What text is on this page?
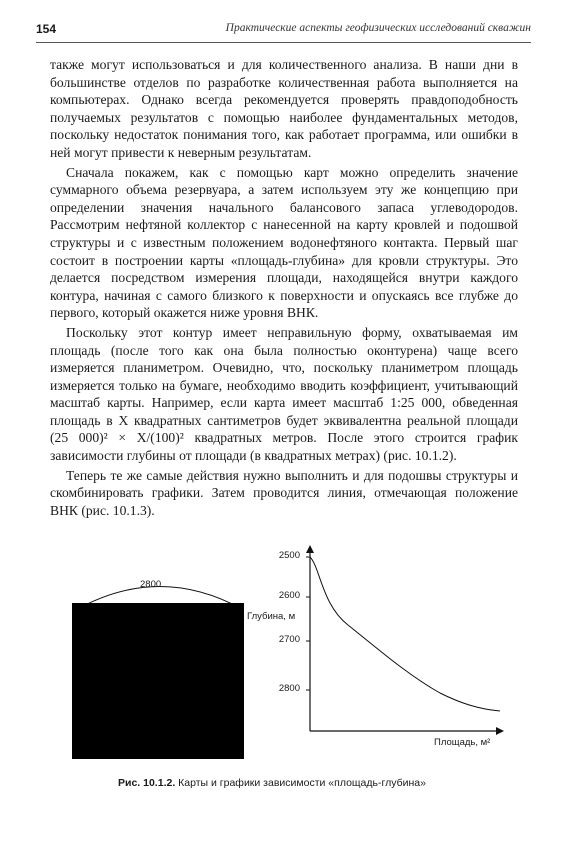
154	Практические аспекты геофизических исследований скважин

также могут использоваться и для количественного анализа. В наши дни в большинстве отделов по разработке количественная работа выполняется на компьютерах. Однако всегда рекомендуется проверять правдоподобность получаемых результатов с помощью наиболее фундаментальных методов, поскольку недостаток понимания того, как работает программа, или ошибки в ней могут привести к неверным результатам.

Сначала покажем, как с помощью карт можно определить значение суммарного объема резервуара, а затем используем эту же концепцию при определении значения начального балансового запаса углеводородов. Рассмотрим нефтяной коллектор с нанесенной на карту кровлей и подошвой структуры и с известным положением водонефтяного контакта. Первый шаг состоит в построении карты «площадь-глубина» для кровли структуры. Это делается посредством измерения площади, находящейся внутри каждого контура, начиная с самого близкого к поверхности и опускаясь все глубже до первого, который окажется ниже уровня ВНК.

Поскольку этот контур имеет неправильную форму, охватываемая им площадь (после того как она была полностью оконтурена) чаще всего измеряется планиметром. Очевидно, что, поскольку планиметром площадь измеряется только на бумаге, необходимо вводить коэффициент, учитывающий масштаб карты. Например, если карта имеет масштаб 1:25 000, обведенная площадь в X квадратных сантиметров будет эквивалентна реальной площади (25 000)² × X/(100)² квадратных метров. После этого строится график зависимости глубины от площади (в квадратных метрах) (рис. 10.1.2).

Теперь те же самые действия нужно выполнить и для подошвы структуры и скомбинировать графики. Затем проводится линия, отмечающая положение ВНК (рис. 10.1.3).

2800
Глубина, м
2500
2600
2700
2800
Площадь, м²
Рис. 10.1.2. Карты и графики зависимости «площадь-глубина»
